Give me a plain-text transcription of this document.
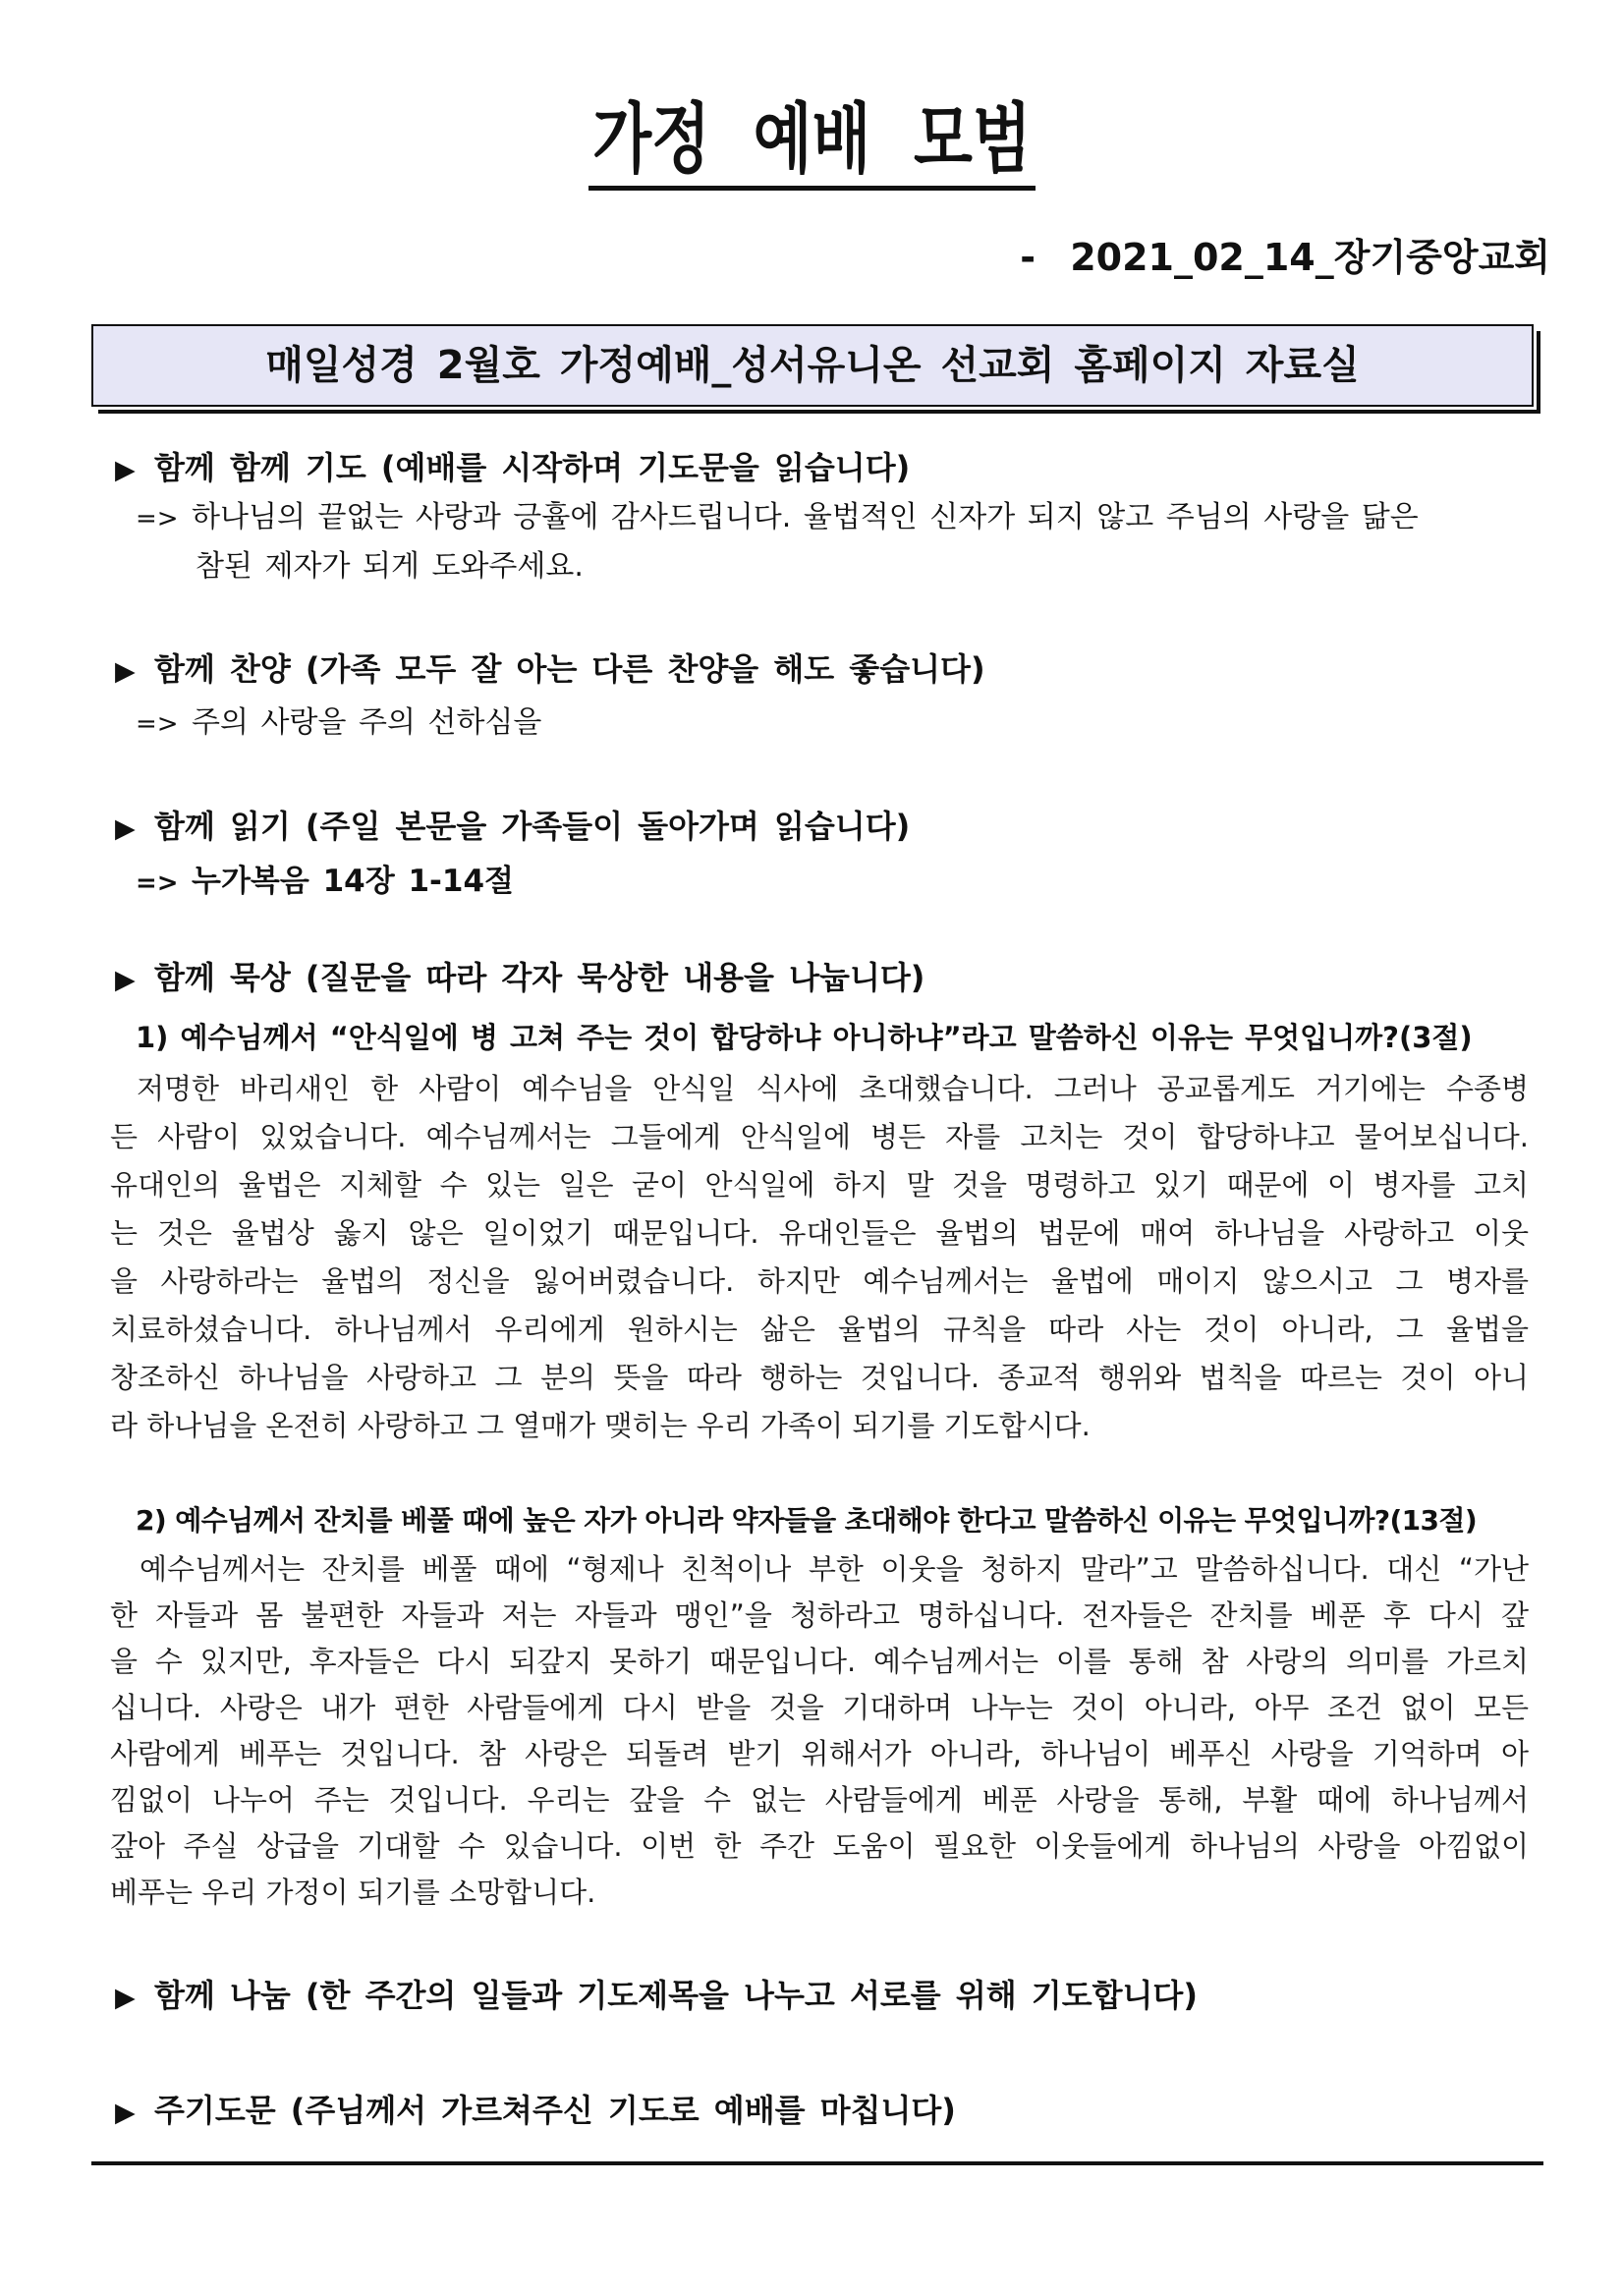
가정 예배 모범
- 2021_02_14_장기중앙교회
매일성경 2월호 가정예배_성서유니온 선교회 홈페이지 자료실
▶ 함께 함께 기도 (예배를 시작하며 기도문을 읽습니다)
=> 하나님의 끝없는 사랑과 긍휼에 감사드립니다. 율법적인 신자가 되지 않고 주님의 사랑을 닮은
참된 제자가 되게 도와주세요.
▶ 함께 찬양 (가족 모두 잘 아는 다른 찬양을 해도 좋습니다)
=> 주의 사랑을 주의 선하심을
▶ 함께 읽기 (주일 본문을 가족들이 돌아가며 읽습니다)
=> 누가복음 14장 1-14절
▶ 함께 묵상 (질문을 따라 각자 묵상한 내용을 나눕니다)
1) 예수님께서 “안식일에 병 고쳐 주는 것이 합당하냐 아니하냐”라고 말씀하신 이유는 무엇입니까?(3절)
저명한 바리새인 한 사람이 예수님을 안식일 식사에 초대했습니다. 그러나 공교롭게도 거기에는 수종병
든 사람이 있었습니다. 예수님께서는 그들에게 안식일에 병든 자를 고치는 것이 합당하냐고 물어보십니다.
유대인의 율법은 지체할 수 있는 일은 굳이 안식일에 하지 말 것을 명령하고 있기 때문에 이 병자를 고치
는 것은 율법상 옳지 않은 일이었기 때문입니다. 유대인들은 율법의 법문에 매여 하나님을 사랑하고 이웃
을 사랑하라는 율법의 정신을 잃어버렸습니다. 하지만 예수님께서는 율법에 매이지 않으시고 그 병자를
치료하셨습니다. 하나님께서 우리에게 원하시는 삶은 율법의 규칙을 따라 사는 것이 아니라, 그 율법을
창조하신 하나님을 사랑하고 그 분의 뜻을 따라 행하는 것입니다. 종교적 행위와 법칙을 따르는 것이 아니
라 하나님을 온전히 사랑하고 그 열매가 맺히는 우리 가족이 되기를 기도합시다.
2) 예수님께서 잔치를 베풀 때에 높은 자가 아니라 약자들을 초대해야 한다고 말씀하신 이유는 무엇입니까?(13절)
예수님께서는 잔치를 베풀 때에 “형제나 친척이나 부한 이웃을 청하지 말라”고 말씀하십니다. 대신 “가난
한 자들과 몸 불편한 자들과 저는 자들과 맹인”을 청하라고 명하십니다. 전자들은 잔치를 베푼 후 다시 갚
을 수 있지만, 후자들은 다시 되갚지 못하기 때문입니다. 예수님께서는 이를 통해 참 사랑의 의미를 가르치
십니다. 사랑은 내가 편한 사람들에게 다시 받을 것을 기대하며 나누는 것이 아니라, 아무 조건 없이 모든
사람에게 베푸는 것입니다. 참 사랑은 되돌려 받기 위해서가 아니라, 하나님이 베푸신 사랑을 기억하며 아
낌없이 나누어 주는 것입니다. 우리는 갚을 수 없는 사람들에게 베푼 사랑을 통해, 부활 때에 하나님께서
갚아 주실 상급을 기대할 수 있습니다. 이번 한 주간 도움이 필요한 이웃들에게 하나님의 사랑을 아낌없이
베푸는 우리 가정이 되기를 소망합니다.
▶ 함께 나눔 (한 주간의 일들과 기도제목을 나누고 서로를 위해 기도합니다)
▶ 주기도문 (주님께서 가르쳐주신 기도로 예배를 마칩니다)
